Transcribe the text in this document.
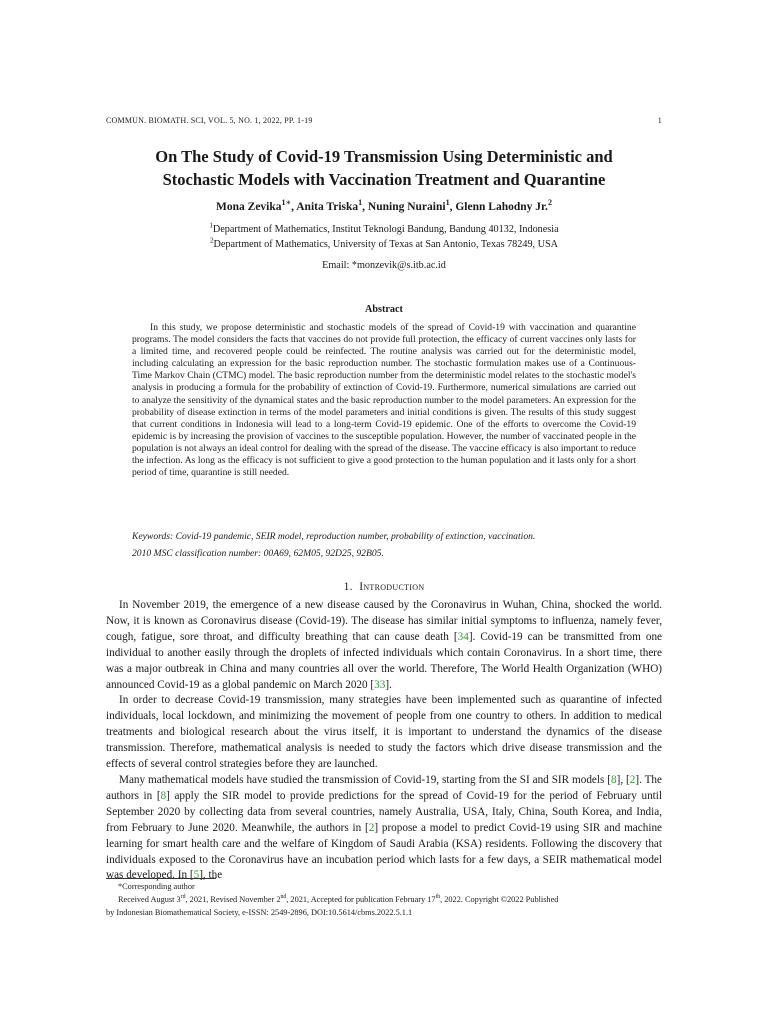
COMMUN. BIOMATH. SCI, VOL. 5, NO. 1, 2022, PP. 1-19	1
On The Study of Covid-19 Transmission Using Deterministic and
Stochastic Models with Vaccination Treatment and Quarantine
Mona Zevika$^{1∗}$, Anita Triska$^1$, Nuning Nuraini$^1$, Glenn Lahodny Jr.$^2$
$^1$Department of Mathematics, Institut Teknologi Bandung, Bandung 40132, Indonesia
$^2$Department of Mathematics, University of Texas at San Antonio, Texas 78249, USA
Email: *monzevik@s.itb.ac.id
Abstract
In this study, we propose deterministic and stochastic models of the spread of Covid-19 with vaccination and quarantine programs. The model considers the facts that vaccines do not provide full protection, the efficacy of current vaccines only lasts for a limited time, and recovered people could be reinfected. The routine analysis was carried out for the deterministic model, including calculating an expression for the basic reproduction number. The stochastic formulation makes use of a Continuous-Time Markov Chain (CTMC) model. The basic reproduction number from the deterministic model relates to the stochastic model's analysis in producing a formula for the probability of extinction of Covid-19. Furthermore, numerical simulations are carried out to analyze the sensitivity of the dynamical states and the basic reproduction number to the model parameters. An expression for the probability of disease extinction in terms of the model parameters and initial conditions is given. The results of this study suggest that current conditions in Indonesia will lead to a long-term Covid-19 epidemic. One of the efforts to overcome the Covid-19 epidemic is by increasing the provision of vaccines to the susceptible population. However, the number of vaccinated people in the population is not always an ideal control for dealing with the spread of the disease. The vaccine efficacy is also important to reduce the infection. As long as the efficacy is not sufficient to give a good protection to the human population and it lasts only for a short period of time, quarantine is still needed.
Keywords: Covid-19 pandemic, SEIR model, reproduction number, probability of extinction, vaccination.
2010 MSC classification number: 00A69, 62M05, 92D25, 92B05.
1. Introduction

In November 2019, the emergence of a new disease caused by the Coronavirus in Wuhan, China, shocked the world. Now, it is known as Coronavirus disease (Covid-19). The disease has similar initial symptoms to influenza, namely fever, cough, fatigue, sore throat, and difficulty breathing that can cause death [34]. Covid-19 can be transmitted from one individual to another easily through the droplets of infected individuals which contain Coronavirus. In a short time, there was a major outbreak in China and many countries all over the world. Therefore, The World Health Organization (WHO) announced Covid-19 as a global pandemic on March 2020 [33].

In order to decrease Covid-19 transmission, many strategies have been implemented such as quarantine of infected individuals, local lockdown, and minimizing the movement of people from one country to others. In addition to medical treatments and biological research about the virus itself, it is important to understand the dynamics of the disease transmission. Therefore, mathematical analysis is needed to study the factors which drive disease transmission and the effects of several control strategies before they are launched.

Many mathematical models have studied the transmission of Covid-19, starting from the SI and SIR models [8], [2]. The authors in [8] apply the SIR model to provide predictions for the spread of Covid-19 for the period of February until September 2020 by collecting data from several countries, namely Australia, USA, Italy, China, South Korea, and India, from February to June 2020. Meanwhile, the authors in [2] propose a model to predict Covid-19 using SIR and machine learning for smart health care and the welfare of Kingdom of Saudi Arabia (KSA) residents. Following the discovery that individuals exposed to the Coronavirus have an incubation period which lasts for a few days, a SEIR mathematical model was developed. In [5], the

*Corresponding author

Received August 3rd, 2021, Revised November 2nd, 2021, Accepted for publication February 17th, 2022. Copyright ©2022 Published

by Indonesian Biomathematical Society, e-ISSN: 2549-2896, DOI:10.5614/cbms.2022.5.1.1
